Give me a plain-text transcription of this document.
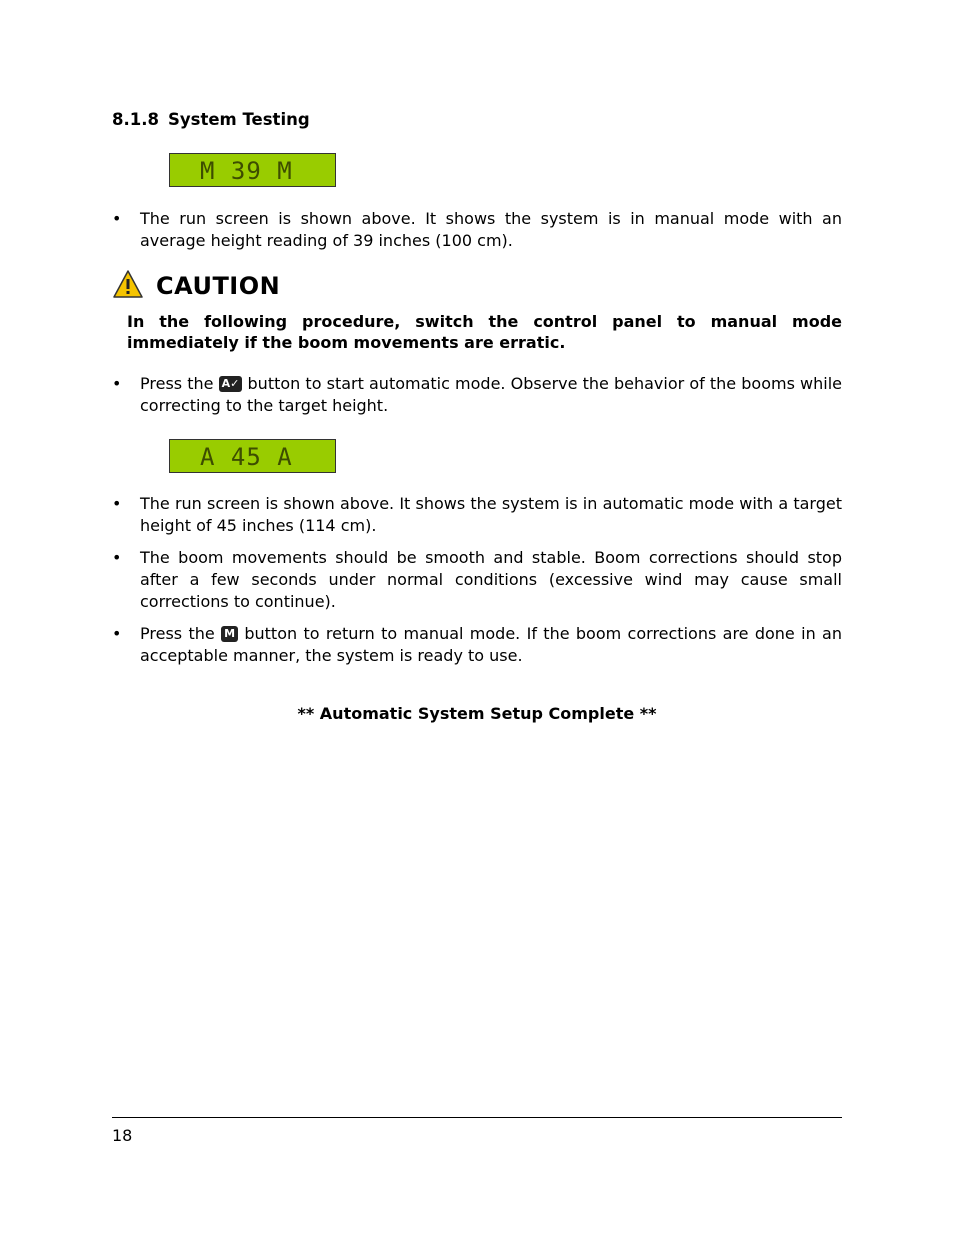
8.1.8 System Testing
M 39 M
• The run screen is shown above. It shows the system is in manual mode with an average height reading of 39 inches (100 cm).
CAUTION
In the following procedure, switch the control panel to manual mode immediately if the boom movements are erratic.
• Press the A✓ button to start automatic mode. Observe the behavior of the booms while correcting to the target height.
A 45 A
• The run screen is shown above. It shows the system is in automatic mode with a target height of 45 inches (114 cm).
• The boom movements should be smooth and stable. Boom corrections should stop after a few seconds under normal conditions (excessive wind may cause small corrections to continue).
• Press the M button to return to manual mode. If the boom corrections are done in an acceptable manner, the system is ready to use.
** Automatic System Setup Complete **
18
